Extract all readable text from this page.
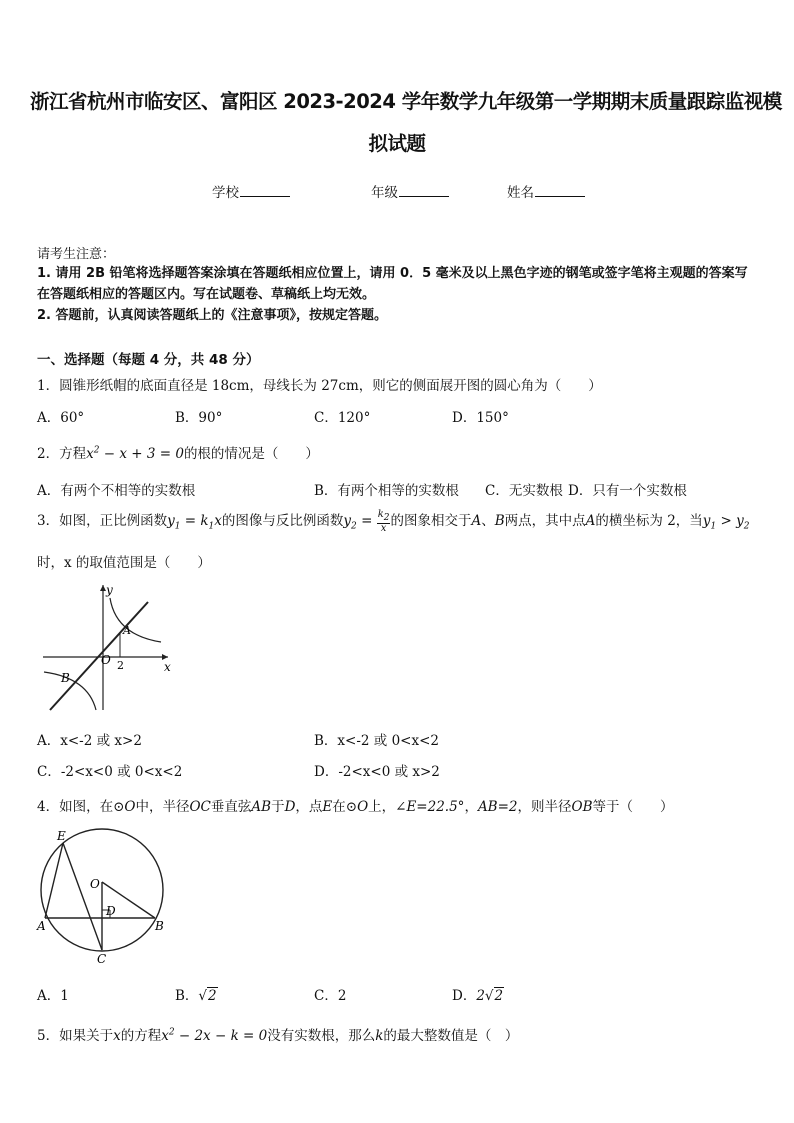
浙江省杭州市临安区、富阳区 2023-2024 学年数学九年级第一学期期末质量跟踪监视模
拟试题
学校	年级	姓名
请考生注意：
1. 请用 2B 铅笔将选择题答案涂填在答题纸相应位置上，请用 0．5 毫米及以上黑色字迹的钢笔或签字笔将主观题的答案写在答题纸相应的答题区内。写在试题卷、草稿纸上均无效。
2. 答题前，认真阅读答题纸上的《注意事项》，按规定答题。
一、选择题（每题 4 分，共 48 分）
1．圆锥形纸帽的底面直径是 18cm，母线长为 27cm，则它的侧面展开图的圆心角为（　　）
A．60°	B．90°	C．120°	D．150°
2．方程$x^2 - x + 3 = 0$的根的情况是（　　）
A．有两个不相等的实数根	B．有两个相等的实数根 C．无实数根 D．只有一个实数根
3．如图，正比例函数$y_1 = k_1x$的图像与反比例函数$y_2 = \frac{k_2}{x}$ 的图象相交于A、B两点，其中点A的横坐标为 2，当$y_1 > y_2$
时，x 的取值范围是（　　）
y
x
O
A
B
2
A．x<-2 或 x>2	B．x<-2 或 0<x<2
C．-2<x<0 或 0<x<2	D．-2<x<0 或 x>2
4．如图，在⊙O中，半径OC垂直弦AB于D，点E在⊙O上，∠E=22.5°，AB=2，则半径OB等于（　　）
E
O
D
A	B
C
A．1	B．√2	C．2	D．2√2
5．如果关于x的方程$x^2 - 2x - k = 0$没有实数根，那么k的最大整数值是（　）
